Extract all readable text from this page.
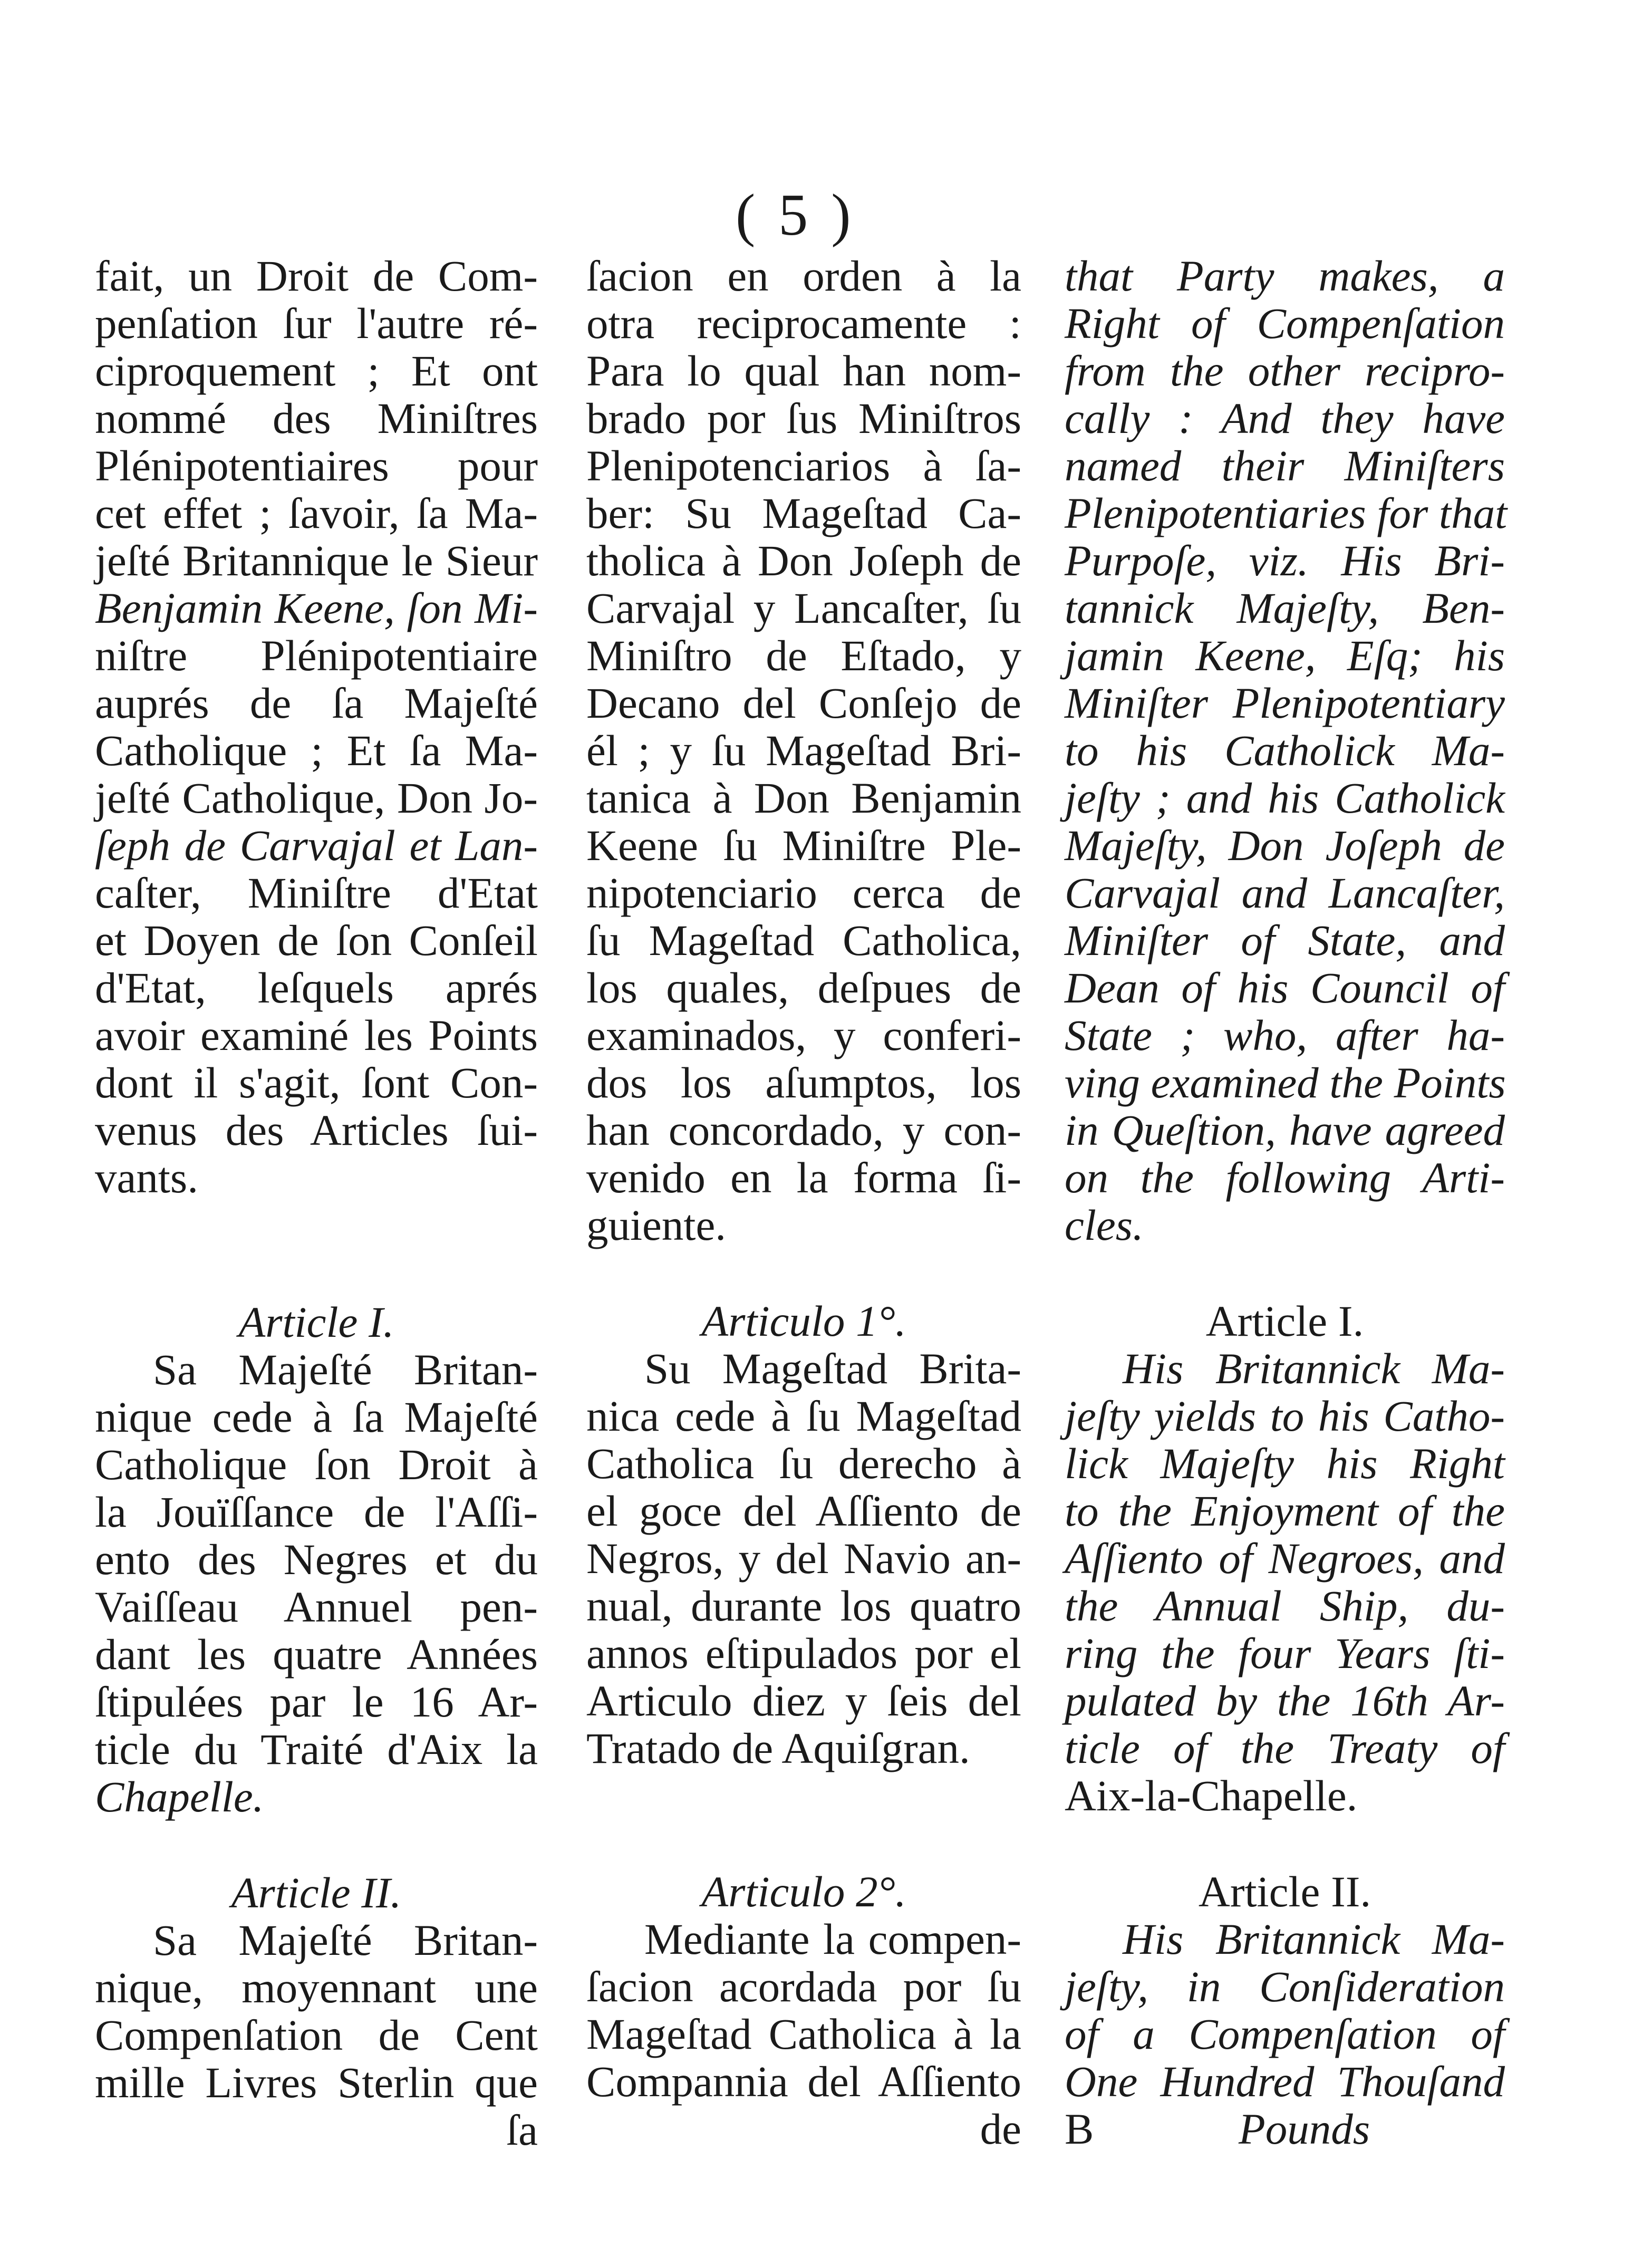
( 5 )
fait, un Droit de Com-
penſation ſur l'autre ré-
ciproquement ; Et ont
nommé des Miniſtres
Plénipotentiaires pour
cet effet ; ſavoir, ſa Ma-
jeſté Britannique le Sieur
Benjamin Keene, ſon Mi-
niſtre Plénipotentiaire
auprés de ſa Majeſté
Catholique ; Et ſa Ma-
jeſté Catholique, Don Jo-
ſeph de Carvajal et Lan-
caſter, Miniſtre d'Etat
et Doyen de ſon Conſeil
d'Etat, leſquels aprés
avoir examiné les Points
dont il s'agit, ſont Con-
venus des Articles ſui-
vants.
Article I.
Sa Majeſté Britan-
nique cede à ſa Majeſté
Catholique ſon Droit à
la Jouïſſance de l'Aſſi-
ento des Negres et du
Vaiſſeau Annuel pen-
dant les quatre Années
ſtipulées par le 16 Ar-
ticle du Traité d'Aix la
Chapelle.
Article II.
Sa Majeſté Britan-
nique, moyennant une
Compenſation de Cent
mille Livres Sterlin que
ſa
ſacion en orden à la
otra reciprocamente :
Para lo qual han nom-
brado por ſus Miniſtros
Plenipotenciarios à ſa-
ber: Su Mageſtad Ca-
tholica à Don Joſeph de
Carvajal y Lancaſter, ſu
Miniſtro de Eſtado, y
Decano del Conſejo de
él ; y ſu Mageſtad Bri-
tanica à Don Benjamin
Keene ſu Miniſtre Ple-
nipotenciario cerca de
ſu Mageſtad Catholica,
los quales, deſpues de
examinados, y conferi-
dos los aſumptos, los
han concordado, y con-
venido en la forma ſi-
guiente.
Articulo 1°.
Su Mageſtad Brita-
nica cede à ſu Mageſtad
Catholica ſu derecho à
el goce del Aſſiento de
Negros, y del Navio an-
nual, durante los quatro
annos eſtipulados por el
Articulo diez y ſeis del
Tratado de Aquiſgran.
Articulo 2°.
Mediante la compen-
ſacion acordada por ſu
Mageſtad Catholica à la
Compannia del Aſſiento
de
that Party makes, a
Right of Compenſation
from the other recipro-
cally : And they have
named their Miniſters
Plenipotentiaries for that
Purpoſe, viz. His Bri-
tannick Majeſty, Ben-
jamin Keene, Eſq; his
Miniſter Plenipotentiary
to his Catholick Ma-
jeſty ; and his Catholick
Majeſty, Don Joſeph de
Carvajal and Lancaſter,
Miniſter of State, and
Dean of his Council of
State ; who, after ha-
ving examined the Points
in Queſtion, have agreed
on the following Arti-
cles.
Article I.
His Britannick Ma-
jeſty yields to his Catho-
lick Majeſty his Right
to the Enjoyment of the
Aſſiento of Negroes, and
the Annual Ship, du-
ring the four Years ſti-
pulated by the 16th Ar-
ticle of the Treaty of
Aix-la-Chapelle.
Article II.
His Britannick Ma-
jeſty, in Conſideration
of a Compenſation of
One Hundred Thouſand
B	Pounds
